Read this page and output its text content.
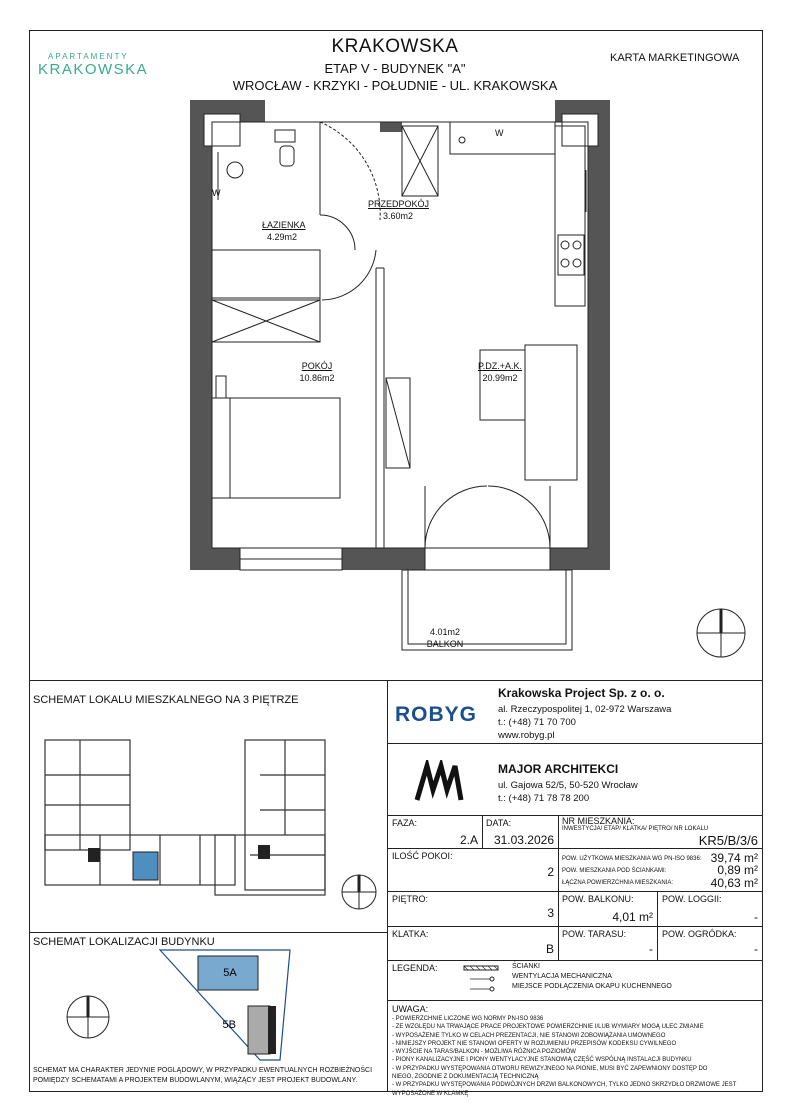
APARTAMENTY
KRAKOWSKA
KRAKOWSKA
ETAP V - BUDYNEK "A"
WROCŁAW - KRZYKI - POŁUDNIE - UL. KRAKOWSKA
KARTA MARKETINGOWA
W
W
ŁAZIENKA
4.29m2
PRZEDPOKÓJ
3.60m2
POKÓJ
10.86m2
P.DZ.+A.K.
20.99m2
4.01m2
BALKON
SCHEMAT LOKALU MIESZKALNEGO NA 3 PIĘTRZE
SCHEMAT LOKALIZACJI BUDYNKU
5A
5B
SCHEMAT MA CHARAKTER JEDYNIE POGLĄDOWY, W PRZYPADKU EWENTUALNYCH ROZBIEŻNOŚCI POMIĘDZY SCHEMATAMI A PROJEKTEM BUDOWLANYM, WIĄŻĄCY JEST PROJEKT BUDOWLANY.
ROBYG
Krakowska Project Sp. z o. o.
al. Rzeczypospolitej 1, 02-972 Warszawa
t.: (+48) 71 70 700
www.robyg.pl
MAJOR ARCHITEKCI
ul. Gajowa 52/5, 50-520 Wrocław
t.: (+48) 71 78 78 200
FAZA:
2.A
DATA:
31.03.2026
NR MIESZKANIA:
INWESTYCJA/ ETAP/ KLATKA/ PIĘTRO/ NR LOKALU
KR5/B/3/6
ILOŚĆ POKOI:
2
POW. UŻYTKOWA MIESZKANIA WG PN-ISO 9836: 39,74 m²
POW. MIESZKANIA POD ŚCIANKAMI:	0,89 m²
ŁĄCZNA POWIERZCHNIA MIESZKANIA:	40,63 m²
PIĘTRO:
3
POW. BALKONU:
4,01 m²
POW. LOGGII:
-
KLATKA:
B
POW. TARASU:
-
POW. OGRÓDKA:
-
LEGENDA:	ŚCIANKI
WENTYLACJA MECHANICZNA
MIEJSCE PODŁĄCZENIA OKAPU KUCHENNEGO
UWAGA:
- POWIERZCHNIE LICZONE WG NORMY PN-ISO 9836
- ZE WZGLĘDU NA TRWAJĄCE PRACE PROJEKTOWE POWIERZCHNIE I/LUB WYMIARY MOGĄ ULEC ZMIANIE
- WYPOSAŻENIE TYLKO W CELACH PREZENTACJI, NIE STANOWI ZOBOWIĄZANIA UMOWNEGO
- NINIEJSZY PROJEKT NIE STANOWI OFERTY W ROZUMIENIU PRZEPISÓW KODEKSU CYWILNEGO
- WYJŚCIE NA TARAS/BALKON - MOŻLIWA RÓŻNICA POZIOMÓW
- PIONY KANALIZACYJNE I PIONY WENTYLACYJNE STANOWIĄ CZĘŚĆ WSPÓLNĄ INSTALACJI BUDYNKU
- W PRZYPADKU WYSTĘPOWANIA OTWORU REWIZYJNEGO NA PIONIE, MUSI BYĆ ZAPEWNIONY DOSTĘP DO
NIEGO, ZGODNIE Z DOKUMENTACJĄ TECHNICZNĄ
- W PRZYPADKU WYSTĘPOWANIA PODWÓJNYCH DRZWI BALKONOWYCH, TYLKO JEDNO SKRZYDŁO DRZWIOWE JEST
WYPOSAŻONE W KLAMKĘ
